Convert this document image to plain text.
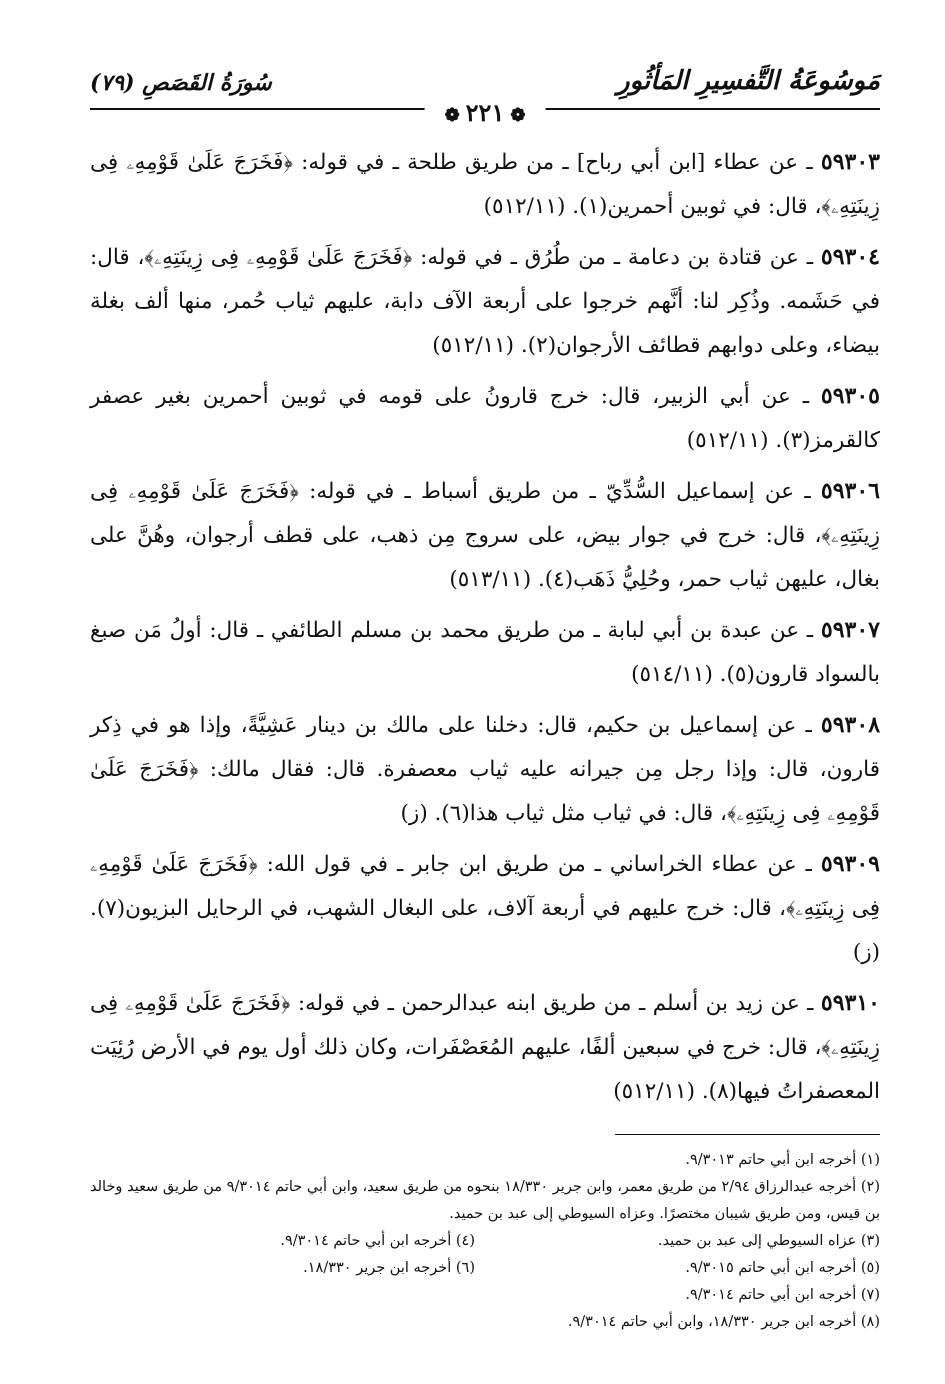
مَوسُوعَةُ التَّفسِيرِ المَأثُورِ
سُورَةُ القَصَصِ (٧٩)
❁٢٢١❁

٥٩٣٠٣ ـ عن عطاء [ابن أبي رباح] ـ من طريق طلحة ـ في قوله: ﴿فَخَرَجَ عَلَىٰ قَوْمِهِۦ فِى زِينَتِهِۦ﴾، قال: في ثوبين أحمرين(١). (٥١٢/١١)

٥٩٣٠٤ ـ عن قتادة بن دعامة ـ من طُرُق ـ في قوله: ﴿فَخَرَجَ عَلَىٰ قَوْمِهِۦ فِى زِينَتِهِۦ﴾، قال: في حَشَمه. وذُكِر لنا: أنَّهم خرجوا على أربعة الآف دابة، عليهم ثياب حُمر، منها ألف بغلة بيضاء، وعلى دوابهم قطائف الأرجوان(٢). (٥١٢/١١)

٥٩٣٠٥ ـ عن أبي الزبير، قال: خرج قارونُ على قومه في ثوبين أحمرين بغير عصفر كالقرمز(٣). (٥١٢/١١)

٥٩٣٠٦ ـ عن إسماعيل السُّدِّيّ ـ من طريق أسباط ـ في قوله: ﴿فَخَرَجَ عَلَىٰ قَوْمِهِۦ فِى زِينَتِهِۦ﴾، قال: خرج في جوار بيض، على سروج مِن ذهب، على قطف أرجوان، وهُنَّ على بغال، عليهن ثياب حمر، وحُلِيُّ ذَهَب(٤). (٥١٣/١١)

٥٩٣٠٧ ـ عن عبدة بن أبي لبابة ـ من طريق محمد بن مسلم الطائفي ـ قال: أولُ مَن صبغ بالسواد قارون(٥). (٥١٤/١١)

٥٩٣٠٨ ـ عن إسماعيل بن حكيم، قال: دخلنا على مالك بن دينار عَشِيَّةً، وإذا هو في ذِكر قارون، قال: وإذا رجل مِن جيرانه عليه ثياب معصفرة. قال: فقال مالك: ﴿فَخَرَجَ عَلَىٰ قَوْمِهِۦ فِى زِينَتِهِۦ﴾، قال: في ثياب مثل ثياب هذا(٦). (ز)

٥٩٣٠٩ ـ عن عطاء الخراساني ـ من طريق ابن جابر ـ في قول الله: ﴿فَخَرَجَ عَلَىٰ قَوْمِهِۦ فِى زِينَتِهِۦ﴾، قال: خرج عليهم في أربعة آلاف، على البغال الشهب، في الرحايل البزيون(٧). (ز)

٥٩٣١٠ ـ عن زيد بن أسلم ـ من طريق ابنه عبدالرحمن ـ في قوله: ﴿فَخَرَجَ عَلَىٰ قَوْمِهِۦ فِى زِينَتِهِۦ﴾، قال: خرج في سبعين ألفًا، عليهم المُعَصْفَرات، وكان ذلك أول يوم في الأرض رُئِيَت المعصفراتُ فيها(٨). (٥١٢/١١)

(١) أخرجه ابن أبي حاتم ٩/٣٠١٣.

(٢) أخرجه عبدالرزاق ٢/٩٤ من طريق معمر، وابن جرير ١٨/٣٣٠ بنحوه من طريق سعيد، وابن أبي حاتم ٩/٣٠١٤ من طريق سعيد وخالد بن قيس، ومن طريق شيبان مختصرًا. وعزاه السيوطي إلى عبد بن حميد.

(٣) عزاه السيوطي إلى عبد بن حميد.

(٤) أخرجه ابن أبي حاتم ٩/٣٠١٤.

(٥) أخرجه ابن أبي حاتم ٩/٣٠١٥.

(٦) أخرجه ابن جرير ١٨/٣٣٠.

(٧) أخرجه ابن أبي حاتم ٩/٣٠١٤.

(٨) أخرجه ابن جرير ١٨/٣٣٠، وابن أبي حاتم ٩/٣٠١٤.
